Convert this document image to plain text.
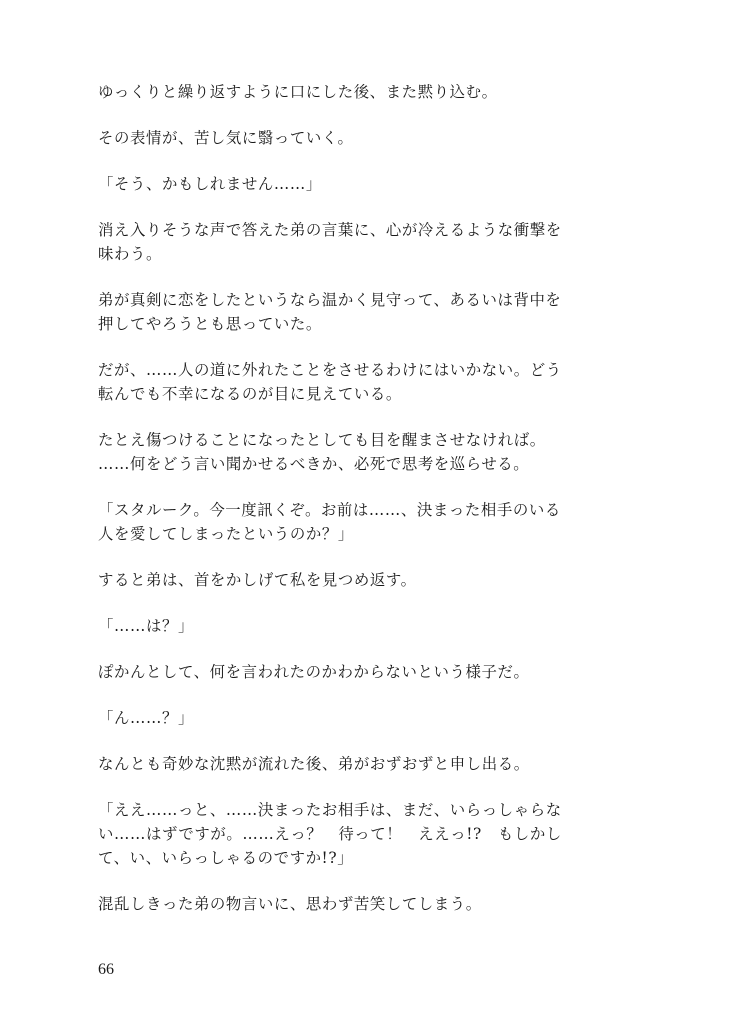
ゆっくりと繰り返すように口にした後、また黙り込む。

その表情が、苦し気に翳っていく。

「そう、かもしれません……」

消え入りそうな声で答えた弟の言葉に、心が冷えるような衝撃を
味わう。

弟が真剣に恋をしたというなら温かく見守って、あるいは背中を
押してやろうとも思っていた。

だが、……人の道に外れたことをさせるわけにはいかない。どう
転んでも不幸になるのが目に見えている。

たとえ傷つけることになったとしても目を醒まさせなければ。
……何をどう言い聞かせるべきか、必死で思考を巡らせる。

「スタルーク。今一度訊くぞ。お前は……、決まった相手のいる
人を愛してしまったというのか？」

すると弟は、首をかしげて私を見つめ返す。

「……は？」

ぽかんとして、何を言われたのかわからないという様子だ。

「ん……？」

なんとも奇妙な沈黙が流れた後、弟がおずおずと申し出る。

「ええ……っと、……決まったお相手は、まだ、いらっしゃらな
い……はずですが。……えっ？　待って！　ええっ!?　もしかし
て、い、いらっしゃるのですか!?」

混乱しきった弟の物言いに、思わず苦笑してしまう。

66
